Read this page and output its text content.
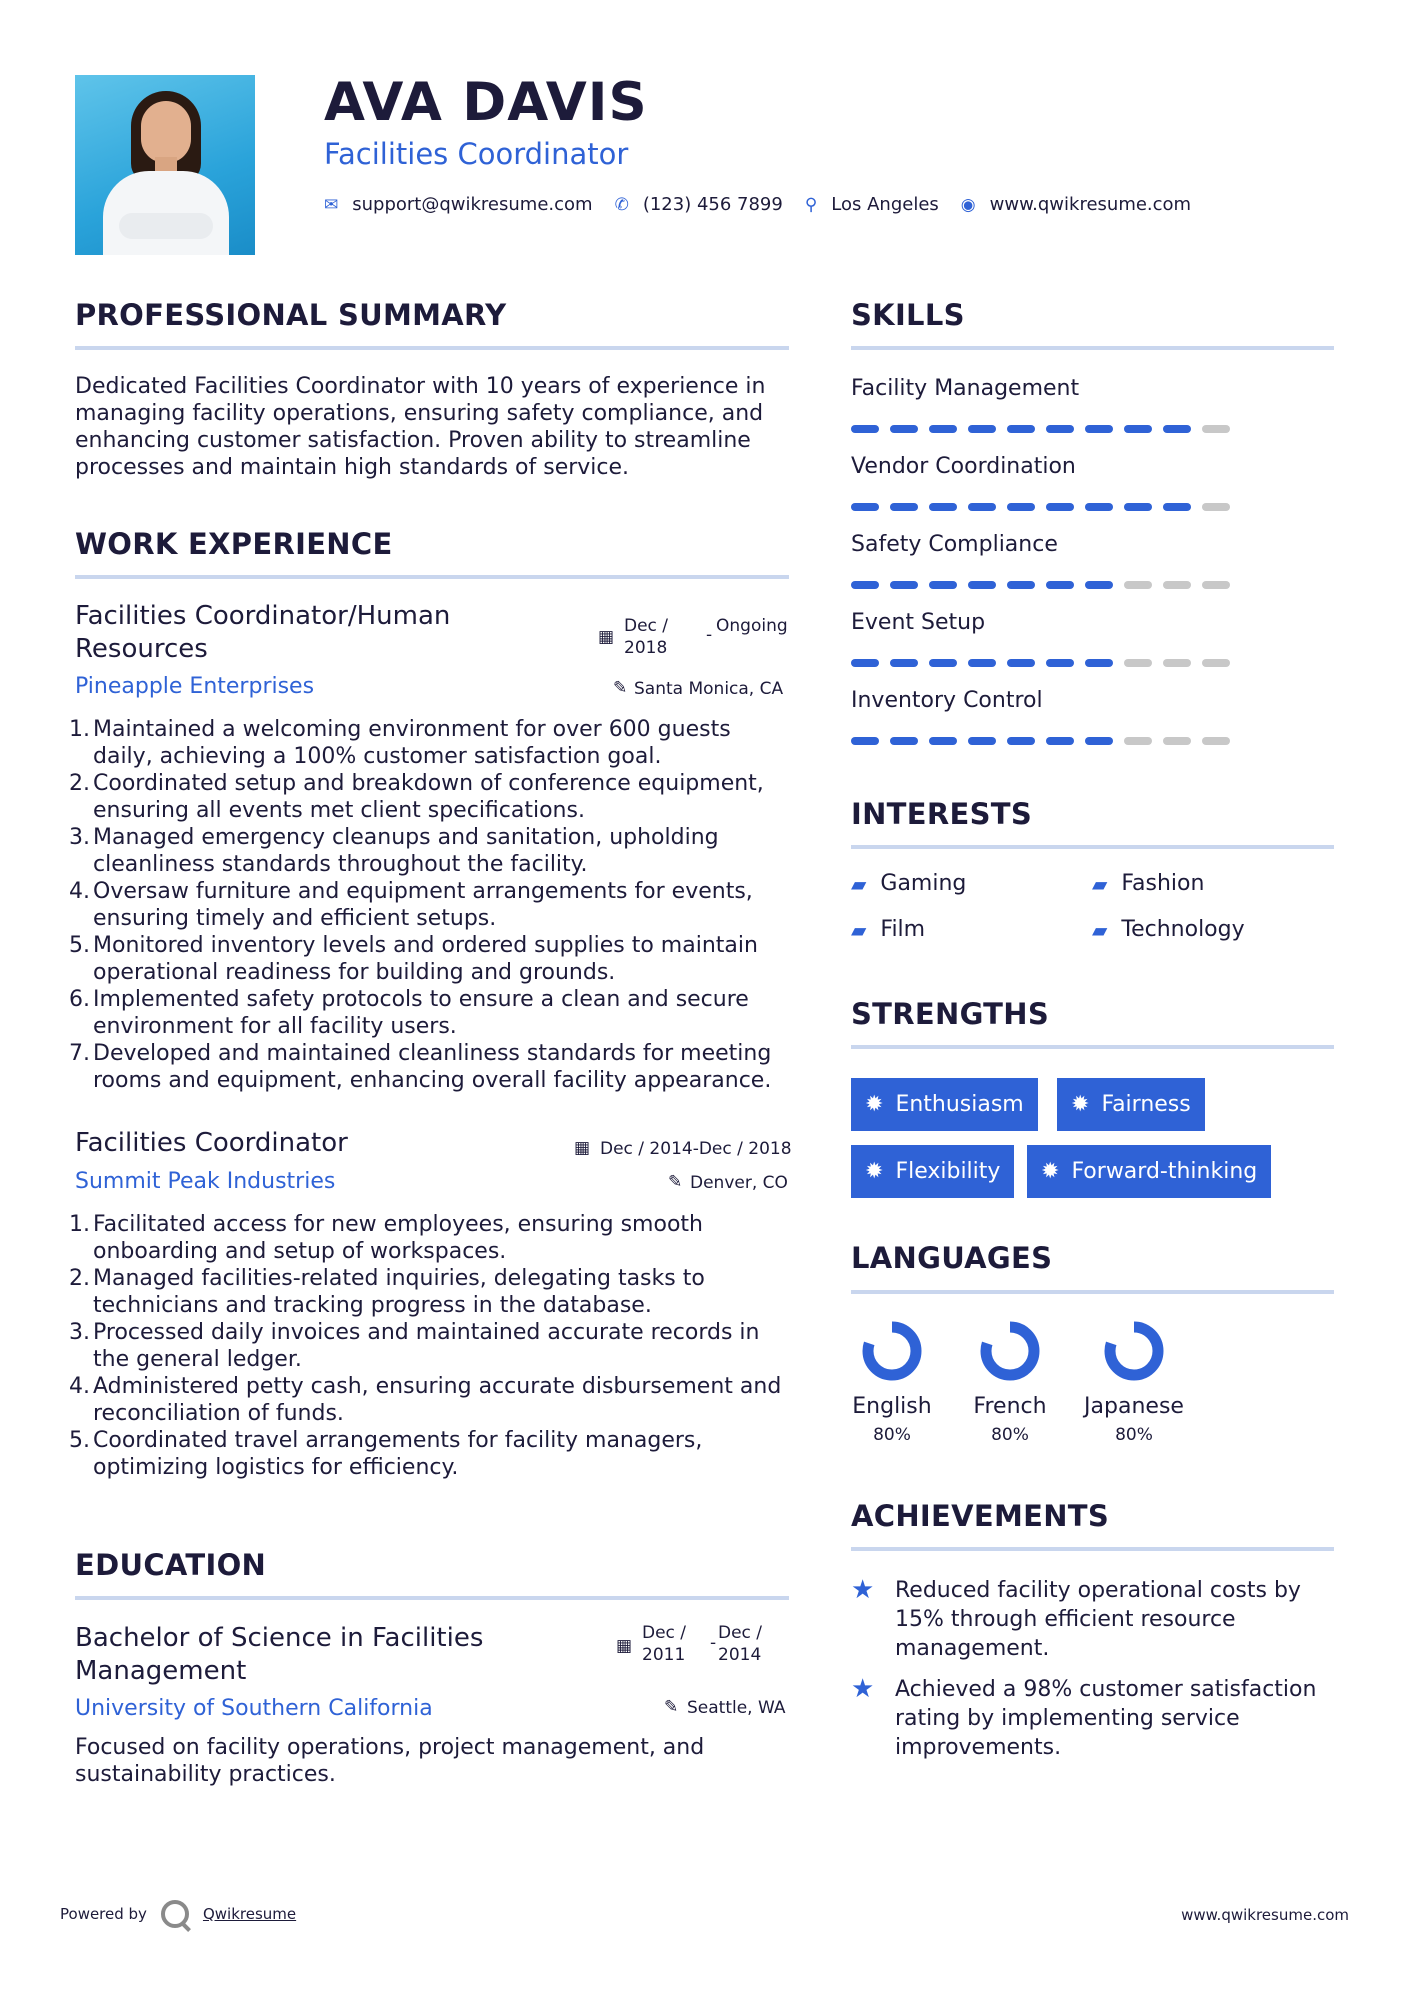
AVA DAVIS
Facilities Coordinator
✉ support@qwikresume.com ✆ (123) 456 7899 ⚲ Los Angeles ◉ www.qwikresume.com
PROFESSIONAL SUMMARY
Dedicated Facilities Coordinator with 10 years of experience in managing facility operations, ensuring safety compliance, and enhancing customer satisfaction. Proven ability to streamline processes and maintain high standards of service.
WORK EXPERIENCE
Facilities Coordinator/Human Resources	▦
Dec / 2018
- Ongoing
Pineapple Enterprises	✎ Santa Monica, CA
1. Maintained a welcoming environment for over 600 guests daily, achieving a 100% customer satisfaction goal.
2. Coordinated setup and breakdown of conference equipment, ensuring all events met client specifications.
3. Managed emergency cleanups and sanitation, upholding cleanliness standards throughout the facility.
4. Oversaw furniture and equipment arrangements for events, ensuring timely and efficient setups.
5. Monitored inventory levels and ordered supplies to maintain operational readiness for building and grounds.
6. Implemented safety protocols to ensure a clean and secure environment for all facility users.
7. Developed and maintained cleanliness standards for meeting rooms and equipment, enhancing overall facility appearance.
Facilities Coordinator	▦ Dec / 2014-Dec / 2018
Summit Peak Industries	✎ Denver, CO
1. Facilitated access for new employees, ensuring smooth onboarding and setup of workspaces.
2. Managed facilities-related inquiries, delegating tasks to technicians and tracking progress in the database.
3. Processed daily invoices and maintained accurate records in the general ledger.
4. Administered petty cash, ensuring accurate disbursement and reconciliation of funds.
5. Coordinated travel arrangements for facility managers, optimizing logistics for efficiency.
EDUCATION
Bachelor of Science in Facilities Management
▦
Dec / 2011
- Dec / 2014
University of Southern California	✎ Seattle, WA
Focused on facility operations, project management, and sustainability practices.
SKILLS
Facility Management
Vendor Coordination
Safety Compliance
Event Setup
Inventory Control
INTERESTS
▰ Gaming	▰ Fashion
▰ Film	▰ Technology
STRENGTHS
✹ Enthusiasm ✹ Fairness
✹ Flexibility ✹ Forward-thinking
LANGUAGES
English
80%
French
80%
Japanese
80%
ACHIEVEMENTS
★ Reduced facility operational costs by 15% through efficient resource management.
★ Achieved a 98% customer satisfaction rating by implementing service improvements.
Powered by	Qwikresume	www.qwikresume.com
